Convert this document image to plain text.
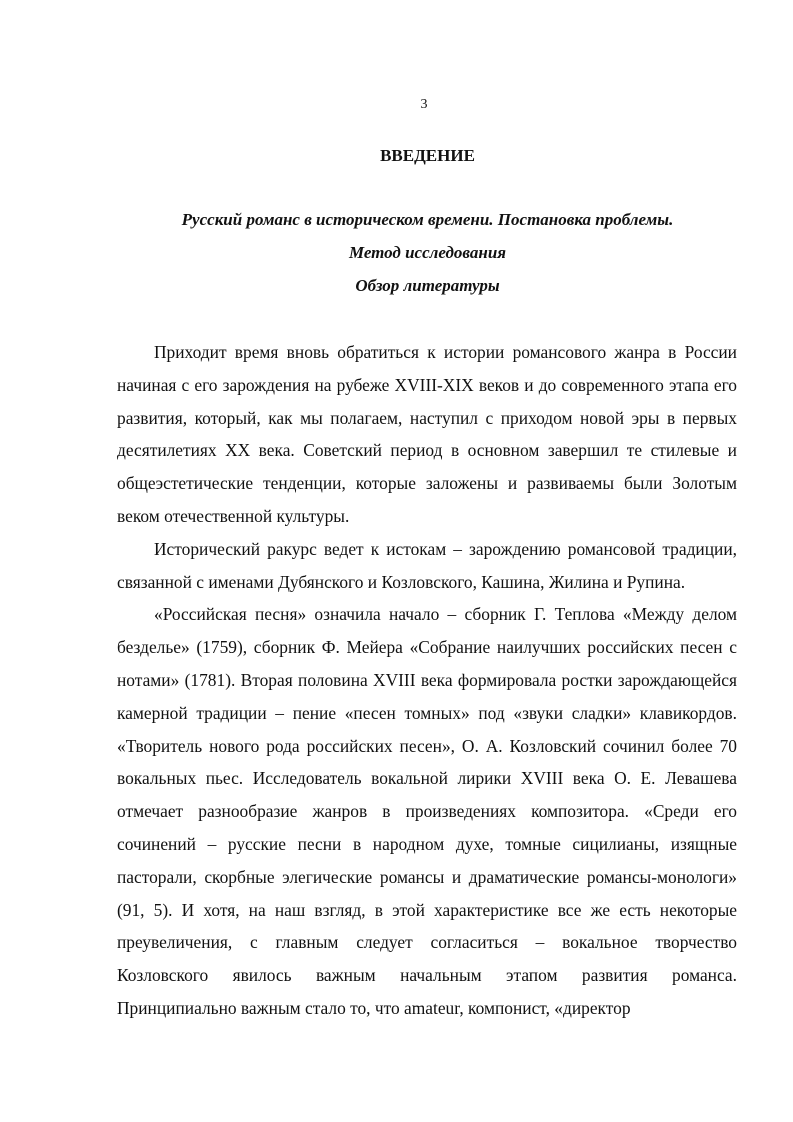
3
ВВЕДЕНИЕ
Русский романс в историческом времени. Постановка проблемы.
Метод исследования
Обзор литературы

Приходит время вновь обратиться к истории романсового жанра в России начиная с его зарождения на рубеже XVIII-XIX веков и до современного этапа его развития, который, как мы полагаем, наступил с приходом новой эры в первых десятилетиях XX века. Советский период в основном завершил те стилевые и общеэстетические тенденции, которые заложены и развиваемы были Золотым веком отечественной культуры.

Исторический ракурс ведет к истокам – зарождению романсовой традиции, связанной с именами Дубянского и Козловского, Кашина, Жилина и Рупина.

«Российская песня» означила начало – сборник Г. Теплова «Между делом безделье» (1759), сборник Ф. Мейера «Собрание наилучших российских песен с нотами» (1781). Вторая половина XVIII века формировала ростки зарождающейся камерной традиции – пение «песен томных» под «звуки сладки» клавикордов. «Творитель нового рода российских песен», О. А. Козловский сочинил более 70 вокальных пьес. Исследователь вокальной лирики XVIII века О. Е. Левашева отмечает разнообразие жанров в произведениях композитора. «Среди его сочинений – русские песни в народном духе, томные сицилианы, изящные пасторали, скорбные элегические романсы и драматические романсы-монологи» (91, 5). И хотя, на наш взгляд, в этой характеристике все же есть некоторые преувеличения, с главным следует согласиться – вокальное творчество Козловского явилось важным начальным этапом развития романса. Принципиально важным стало то, что amateur, компонист, «директор
